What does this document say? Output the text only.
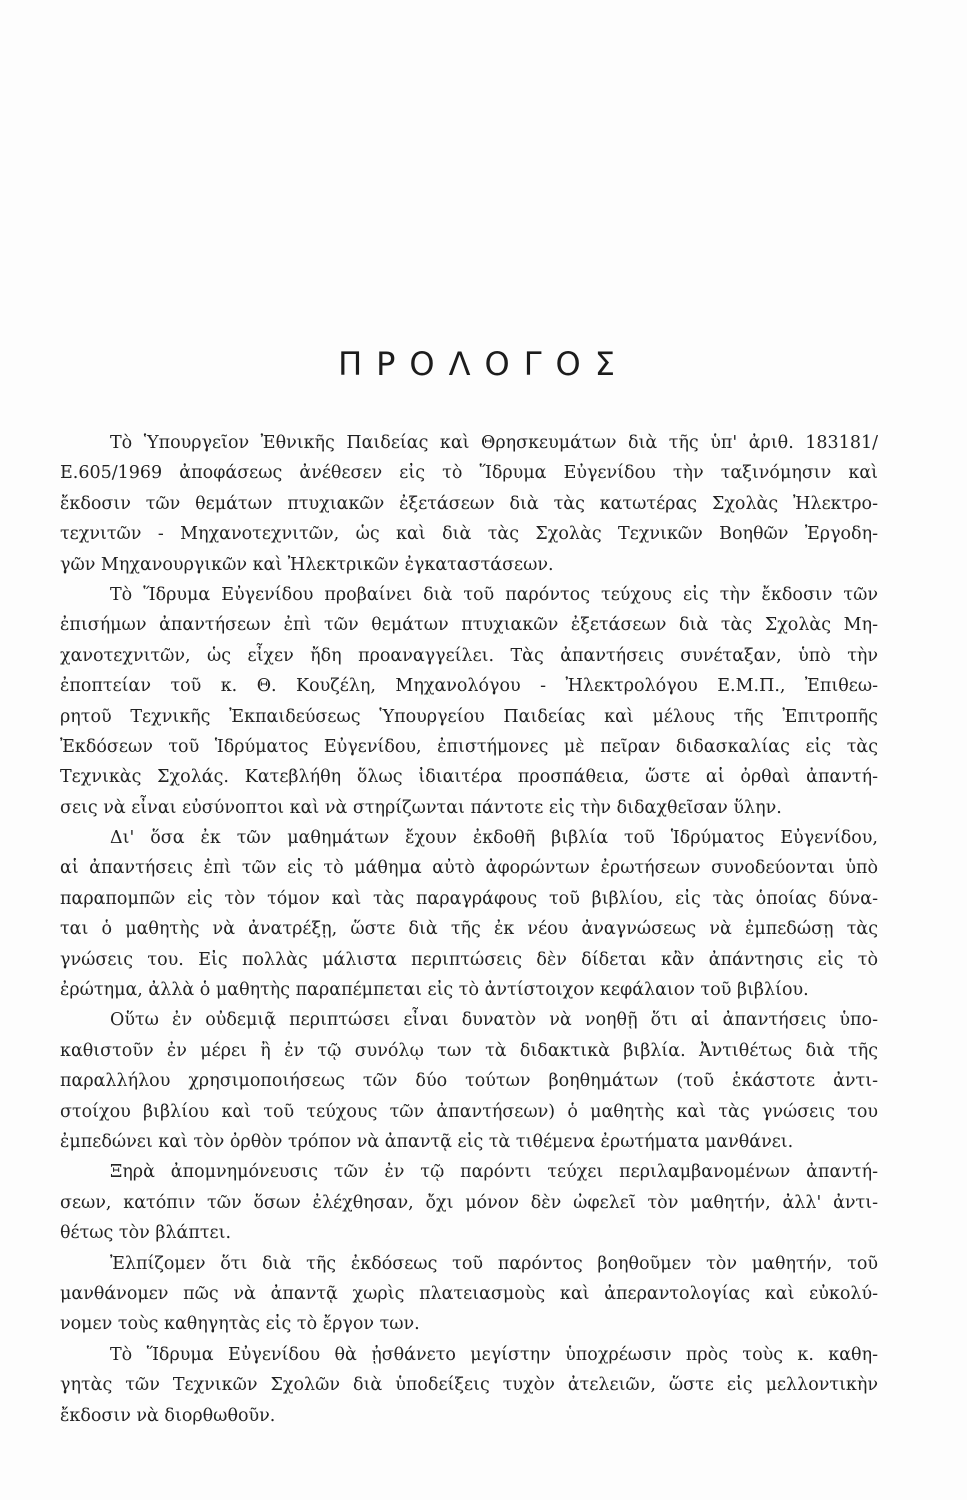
ΠΡΟΛΟΓΟΣ
Τὸ Ὑπουργεῖον Ἐθνικῆς Παιδείας καὶ Θρησκευμάτων διὰ τῆς ὑπ' ἀριθ. 183181/
Ε.605/1969 ἀποφάσεως ἀνέθεσεν εἰς τὸ Ἵδρυμα Εὐγενίδου τὴν ταξινόμησιν καὶ
ἔκδοσιν τῶν θεμάτων πτυχιακῶν ἐξετάσεων διὰ τὰς κατωτέρας Σχολὰς Ἠλεκτρο-
τεχνιτῶν - Μηχανοτεχνιτῶν, ὡς καὶ διὰ τὰς Σχολὰς Τεχνικῶν Βοηθῶν Ἐργοδη-
γῶν Μηχανουργικῶν καὶ Ἠλεκτρικῶν ἐγκαταστάσεων.
Τὸ Ἵδρυμα Εὐγενίδου προβαίνει διὰ τοῦ παρόντος τεύχους εἰς τὴν ἔκδοσιν τῶν
ἐπισήμων ἀπαντήσεων ἐπὶ τῶν θεμάτων πτυχιακῶν ἐξετάσεων διὰ τὰς Σχολὰς Μη-
χανοτεχνιτῶν, ὡς εἶχεν ἤδη προαναγγείλει. Τὰς ἀπαντήσεις συνέταξαν, ὑπὸ τὴν
ἐποπτείαν τοῦ κ. Θ. Κουζέλη, Μηχανολόγου - Ἠλεκτρολόγου Ε.Μ.Π., Ἐπιθεω-
ρητοῦ Τεχνικῆς Ἐκπαιδεύσεως Ὑπουργείου Παιδείας καὶ μέλους τῆς Ἐπιτροπῆς
Ἐκδόσεων τοῦ Ἱδρύματος Εὐγενίδου, ἐπιστήμονες μὲ πεῖραν διδασκαλίας εἰς τὰς
Τεχνικὰς Σχολάς. Κατεβλήθη ὅλως ἰδιαιτέρα προσπάθεια, ὥστε αἱ ὀρθαὶ ἀπαντή-
σεις νὰ εἶναι εὐσύνοπτοι καὶ νὰ στηρίζωνται πάντοτε εἰς τὴν διδαχθεῖσαν ὕλην.
Δι' ὅσα ἐκ τῶν μαθημάτων ἔχουν ἐκδοθῆ βιβλία τοῦ Ἱδρύματος Εὐγενίδου,
αἱ ἀπαντήσεις ἐπὶ τῶν εἰς τὸ μάθημα αὐτὸ ἀφορώντων ἐρωτήσεων συνοδεύονται ὑπὸ
παραπομπῶν εἰς τὸν τόμον καὶ τὰς παραγράφους τοῦ βιβλίου, εἰς τὰς ὁποίας δύνα-
ται ὁ μαθητὴς νὰ ἀνατρέξῃ, ὥστε διὰ τῆς ἐκ νέου ἀναγνώσεως νὰ ἐμπεδώσῃ τὰς
γνώσεις του. Εἰς πολλὰς μάλιστα περιπτώσεις δὲν δίδεται κἂν ἀπάντησις εἰς τὸ
ἐρώτημα, ἀλλὰ ὁ μαθητὴς παραπέμπεται εἰς τὸ ἀντίστοιχον κεφάλαιον τοῦ βιβλίου.
Οὕτω ἐν οὐδεμιᾷ περιπτώσει εἶναι δυνατὸν νὰ νοηθῇ ὅτι αἱ ἀπαντήσεις ὑπο-
καθιστοῦν ἐν μέρει ἢ ἐν τῷ συνόλῳ των τὰ διδακτικὰ βιβλία. Ἀντιθέτως διὰ τῆς
παραλλήλου χρησιμοποιήσεως τῶν δύο τούτων βοηθημάτων (τοῦ ἑκάστοτε ἀντι-
στοίχου βιβλίου καὶ τοῦ τεύχους τῶν ἀπαντήσεων) ὁ μαθητὴς καὶ τὰς γνώσεις του
ἐμπεδώνει καὶ τὸν ὀρθὸν τρόπον νὰ ἀπαντᾷ εἰς τὰ τιθέμενα ἐρωτήματα μανθάνει.
Ξηρὰ ἀπομνημόνευσις τῶν ἐν τῷ παρόντι τεύχει περιλαμβανομένων ἀπαντή-
σεων, κατόπιν τῶν ὅσων ἐλέχθησαν, ὄχι μόνον δὲν ὠφελεῖ τὸν μαθητήν, ἀλλ' ἀντι-
θέτως τὸν βλάπτει.
Ἐλπίζομεν ὅτι διὰ τῆς ἐκδόσεως τοῦ παρόντος βοηθοῦμεν τὸν μαθητήν, τοῦ
μανθάνομεν πῶς νὰ ἀπαντᾷ χωρὶς πλατειασμοὺς καὶ ἀπεραντολογίας καὶ εὐκολύ-
νομεν τοὺς καθηγητὰς εἰς τὸ ἔργον των.
Τὸ Ἵδρυμα Εὐγενίδου θὰ ᾐσθάνετο μεγίστην ὑποχρέωσιν πρὸς τοὺς κ. καθη-
γητὰς τῶν Τεχνικῶν Σχολῶν διὰ ὑποδείξεις τυχὸν ἀτελειῶν, ὥστε εἰς μελλοντικὴν
ἔκδοσιν νὰ διορθωθοῦν.
